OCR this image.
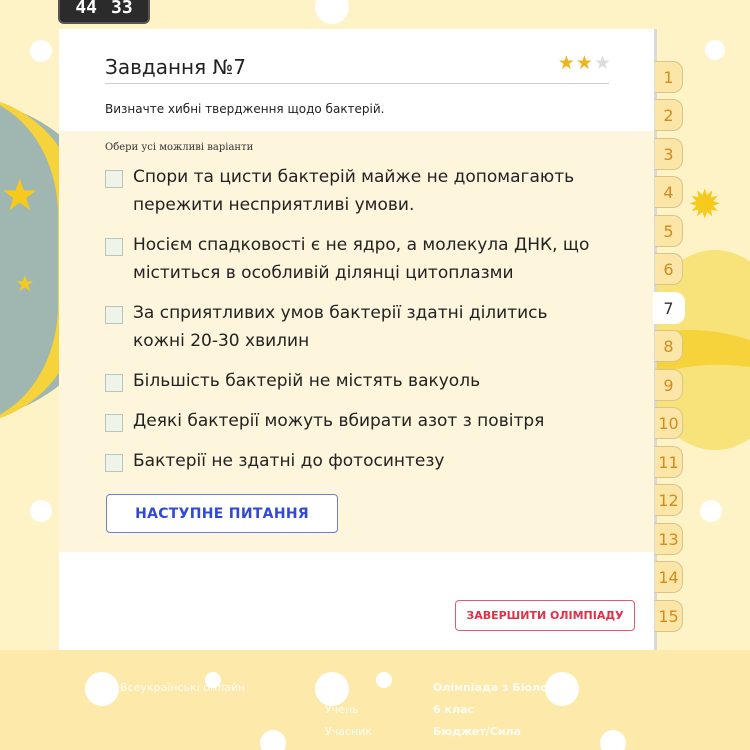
★
★
✹
44 33
Завдання №7	★★★
Визначте хибні твердження щодо бактерій.
Обери усі можливі варіанти
Спори та цисти бактерій майже не допомагають пережити несприятливі умови.
Носієм спадковості є не ядро, а молекула ДНК, що міститься в особливій ділянці цитоплазми
За сприятливих умов бактерії здатні ділитись кожні 20-30 хвилин
Більшість бактерій не містять вакуоль
Деякі бактерії можуть вбирати азот з повітря
Бактерії не здатні до фотосинтезу
НАСТУПНЕ ПИТАННЯ
ЗАВЕРШИТИ ОЛІМПІАДУ
1
2
3
4
5
6
7
8
9
10
11
12
13
14
15
Всеукраїнські онлайн
Учень
Учасник
Олімпіада з Біології
6 клас
Бюджет/Сила
